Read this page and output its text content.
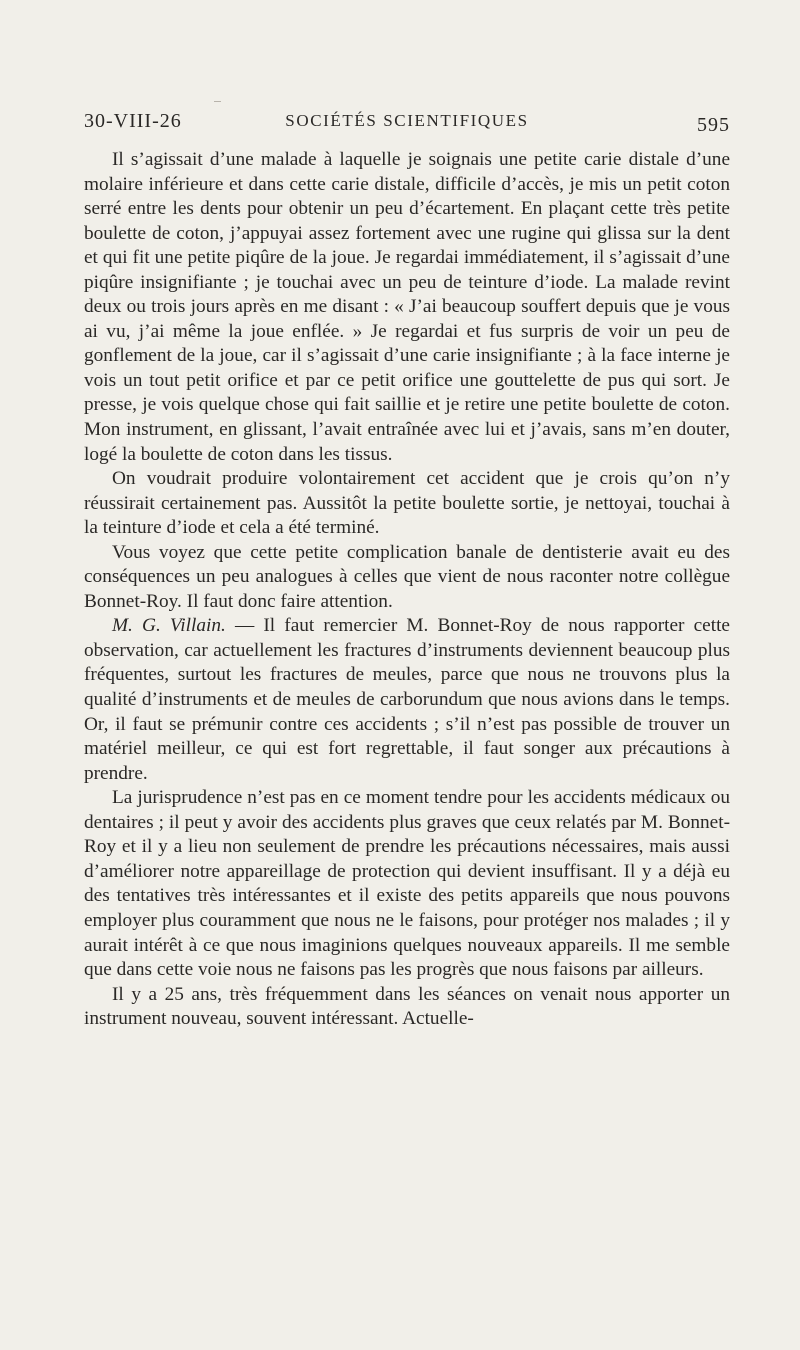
30-VIII-26	SOCIÉTÉS SCIENTIFIQUES	595

Il s’agissait d’une malade à laquelle je soignais une petite carie distale d’une molaire inférieure et dans cette carie distale, difficile d’accès, je mis un petit coton serré entre les dents pour obtenir un peu d’écartement. En plaçant cette très petite boulette de coton, j’appuyai assez fortement avec une rugine qui glissa sur la dent et qui fit une petite piqûre de la joue. Je regardai immédiatement, il s’agissait d’une piqûre insignifiante ; je touchai avec un peu de teinture d’iode. La malade revint deux ou trois jours après en me disant : « J’ai beaucoup souffert depuis que je vous ai vu, j’ai même la joue enflée. » Je regardai et fus surpris de voir un peu de gonflement de la joue, car il s’agissait d’une carie insignifiante ; à la face interne je vois un tout petit orifice et par ce petit orifice une gouttelette de pus qui sort. Je presse, je vois quelque chose qui fait saillie et je retire une petite boulette de coton. Mon instrument, en glissant, l’avait entraînée avec lui et j’avais, sans m’en douter, logé la boulette de coton dans les tissus.

On voudrait produire volontairement cet accident que je crois qu’on n’y réussirait certainement pas. Aussitôt la petite boulette sortie, je nettoyai, touchai à la teinture d’iode et cela a été terminé.

Vous voyez que cette petite complication banale de dentisterie avait eu des conséquences un peu analogues à celles que vient de nous raconter notre collègue Bonnet-Roy. Il faut donc faire attention.

M. G. Villain. — Il faut remercier M. Bonnet-Roy de nous rapporter cette observation, car actuellement les fractures d’instruments deviennent beaucoup plus fréquentes, surtout les fractures de meules, parce que nous ne trouvons plus la qualité d’instruments et de meules de carborundum que nous avions dans le temps. Or, il faut se prémunir contre ces accidents ; s’il n’est pas possible de trouver un matériel meilleur, ce qui est fort regrettable, il faut songer aux précautions à prendre.

La jurisprudence n’est pas en ce moment tendre pour les accidents médicaux ou dentaires ; il peut y avoir des accidents plus graves que ceux relatés par M. Bonnet-Roy et il y a lieu non seulement de prendre les précautions nécessaires, mais aussi d’améliorer notre appareillage de protection qui devient insuffisant. Il y a déjà eu des tentatives très intéressantes et il existe des petits appareils que nous pouvons employer plus couramment que nous ne le faisons, pour protéger nos malades ; il y aurait intérêt à ce que nous imaginions quelques nouveaux appareils. Il me semble que dans cette voie nous ne faisons pas les progrès que nous faisons par ailleurs.

Il y a 25 ans, très fréquemment dans les séances on venait nous apporter un instrument nouveau, souvent intéressant. Actuelle-
